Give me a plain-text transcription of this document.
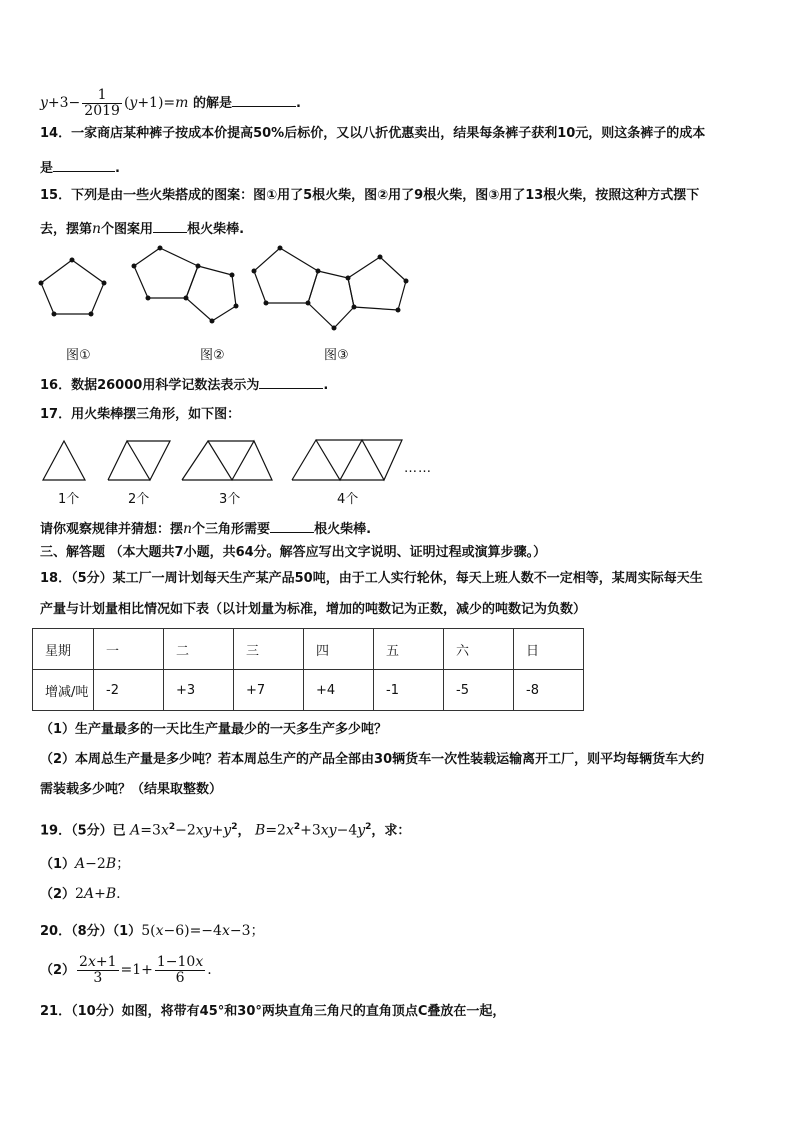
$y+3- \frac{1}{2019} (y+1)=m$ 的解是	.
14．一家商店某种裤子按成本价提高50%后标价，又以八折优惠卖出，结果每条裤子获利10元，则这条裤子的成本
是	.
15．下列是由一些火柴搭成的图案：图①用了5根火柴，图②用了9根火柴，图③用了13根火柴，按照这种方式摆下
去，摆第n个图案用	根火柴棒.
图①	图②	图③
16．数据26000用科学记数法表示为	.
17．用火柴棒摆三角形，如下图：
1个	2个	3个	4个
……
请你观察规律并猜想：摆n个三角形需要	根火柴棒.
三、解答题 （本大题共7小题，共64分。解答应写出文字说明、证明过程或演算步骤。）
18．（5分）某工厂一周计划每天生产某产品50吨，由于工人实行轮休，每天上班人数不一定相等，某周实际每天生
产量与计划量相比情况如下表（以计划量为标准，增加的吨数记为正数，减少的吨数记为负数）
星期	一	二	三	四	五	六	日
增减/吨	-2	+3	+7	+4	-1	-5	-8
（1）生产量最多的一天比生产量最少的一天多生产多少吨？
（2）本周总生产量是多少吨？若本周总生产的产品全部由30辆货车一次性装载运输离开工厂，则平均每辆货车大约
需装载多少吨？（结果取整数）
19．（5分）已 $A=3x^2-2xy+y^2$， $B=2x^2+3xy-4y^2$，求：
（1）A−2B；
（2）2A+B.
20．（8分）（1）5(x−6)=−4x−3；
$(2) \frac{2x+1}{3} =1+ \frac{1-10x}{6}$ .
21．（10分）如图，将带有45°和30°两块直角三角尺的直角顶点C叠放在一起，
